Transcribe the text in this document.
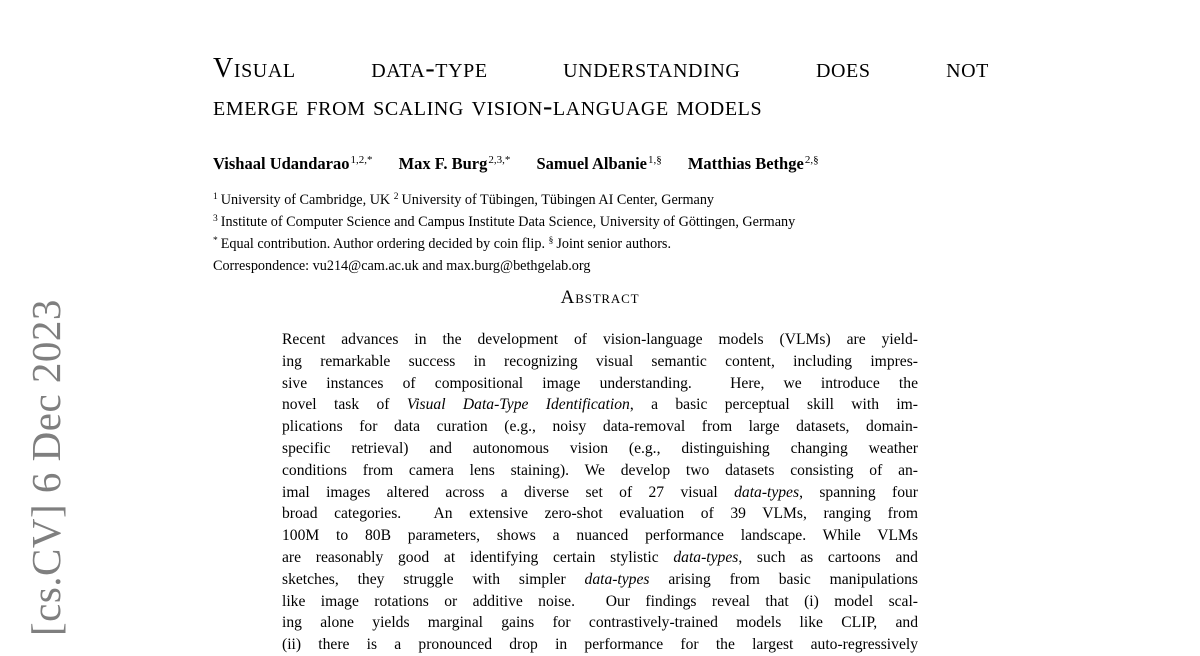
[cs.CV] 6 Dec 2023
Visual	data-type	understanding	does	not
emerge from scaling vision-language models
Vishaal Udandarao$^{1,2,*}$ Max F. Burg$^{2,3,*}$ Samuel Albanie$^{1,\S}$ Matthias Bethge$^{2,\S}$
$^1$ University of Cambridge, UK $^2$ University of Tübingen, Tübingen AI Center, Germany
$^3$ Institute of Computer Science and Campus Institute Data Science, University of Göttingen, Germany
* Equal contribution. Author ordering decided by coin flip. § Joint senior authors.
Correspondence: vu214@cam.ac.uk and max.burg@bethgelab.org
Abstract
Recent advances in the development of vision-language models (VLMs) are yield-
ing remarkable success in recognizing visual semantic content, including impres-
sive instances of compositional image understanding.  Here, we introduce the
novel task of Visual Data-Type Identification, a basic perceptual skill with im-
plications for data curation (e.g., noisy data-removal from large datasets, domain-
specific retrieval) and autonomous vision (e.g., distinguishing changing weather
conditions from camera lens staining). We develop two datasets consisting of an-
imal images altered across a diverse set of 27 visual data-types, spanning four
broad categories.  An extensive zero-shot evaluation of 39 VLMs, ranging from
100M to 80B parameters, shows a nuanced performance landscape. While VLMs
are reasonably good at identifying certain stylistic data-types, such as cartoons and
sketches, they struggle with simpler data-types arising from basic manipulations
like image rotations or additive noise.  Our findings reveal that (i) model scal-
ing alone yields marginal gains for contrastively-trained models like CLIP, and
(ii) there is a pronounced drop in performance for the largest auto-regressively
